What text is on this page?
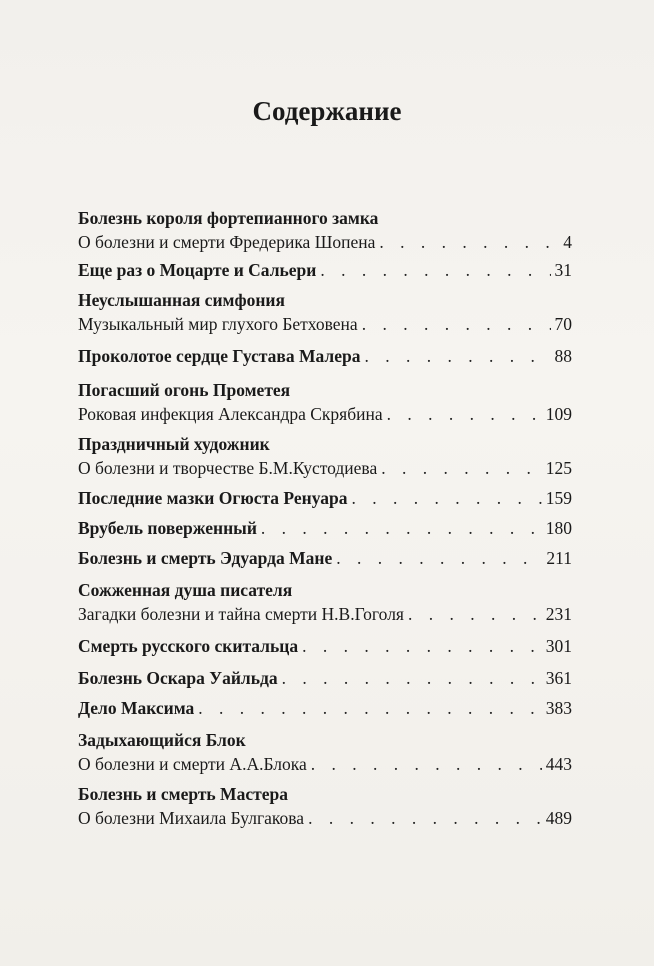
Содержание
Болезнь короля фортепианного замка
О болезни и смерти Фредерика Шопена . . .	4
Еще раз о Моцарте и Сальери . . .	31
Неуслышанная симфония
Музыкальный мир глухого Бетховена . . .	70
Проколотое сердце Густава Малера . . .	88
Погасший огонь Прометея
Роковая инфекция Александра Скрябина . . .	109
Праздничный художник
О болезни и творчестве Б.М.Кустодиева . . .	125
Последние мазки Огюста Ренуара . . .	159
Врубель поверженный . . .	180
Болезнь и смерть Эдуарда Мане . . .	211
Сожженная душа писателя
Загадки болезни и тайна смерти Н.В.Гоголя . . .	231
Смерть русского скитальца . . .	301
Болезнь Оскара Уайльда . . .	361
Дело Максима . . .	383
Задыхающийся Блок
О болезни и смерти А.А.Блока . . .	443
Болезнь и смерть Мастера
О болезни Михаила Булгакова . . .	489
